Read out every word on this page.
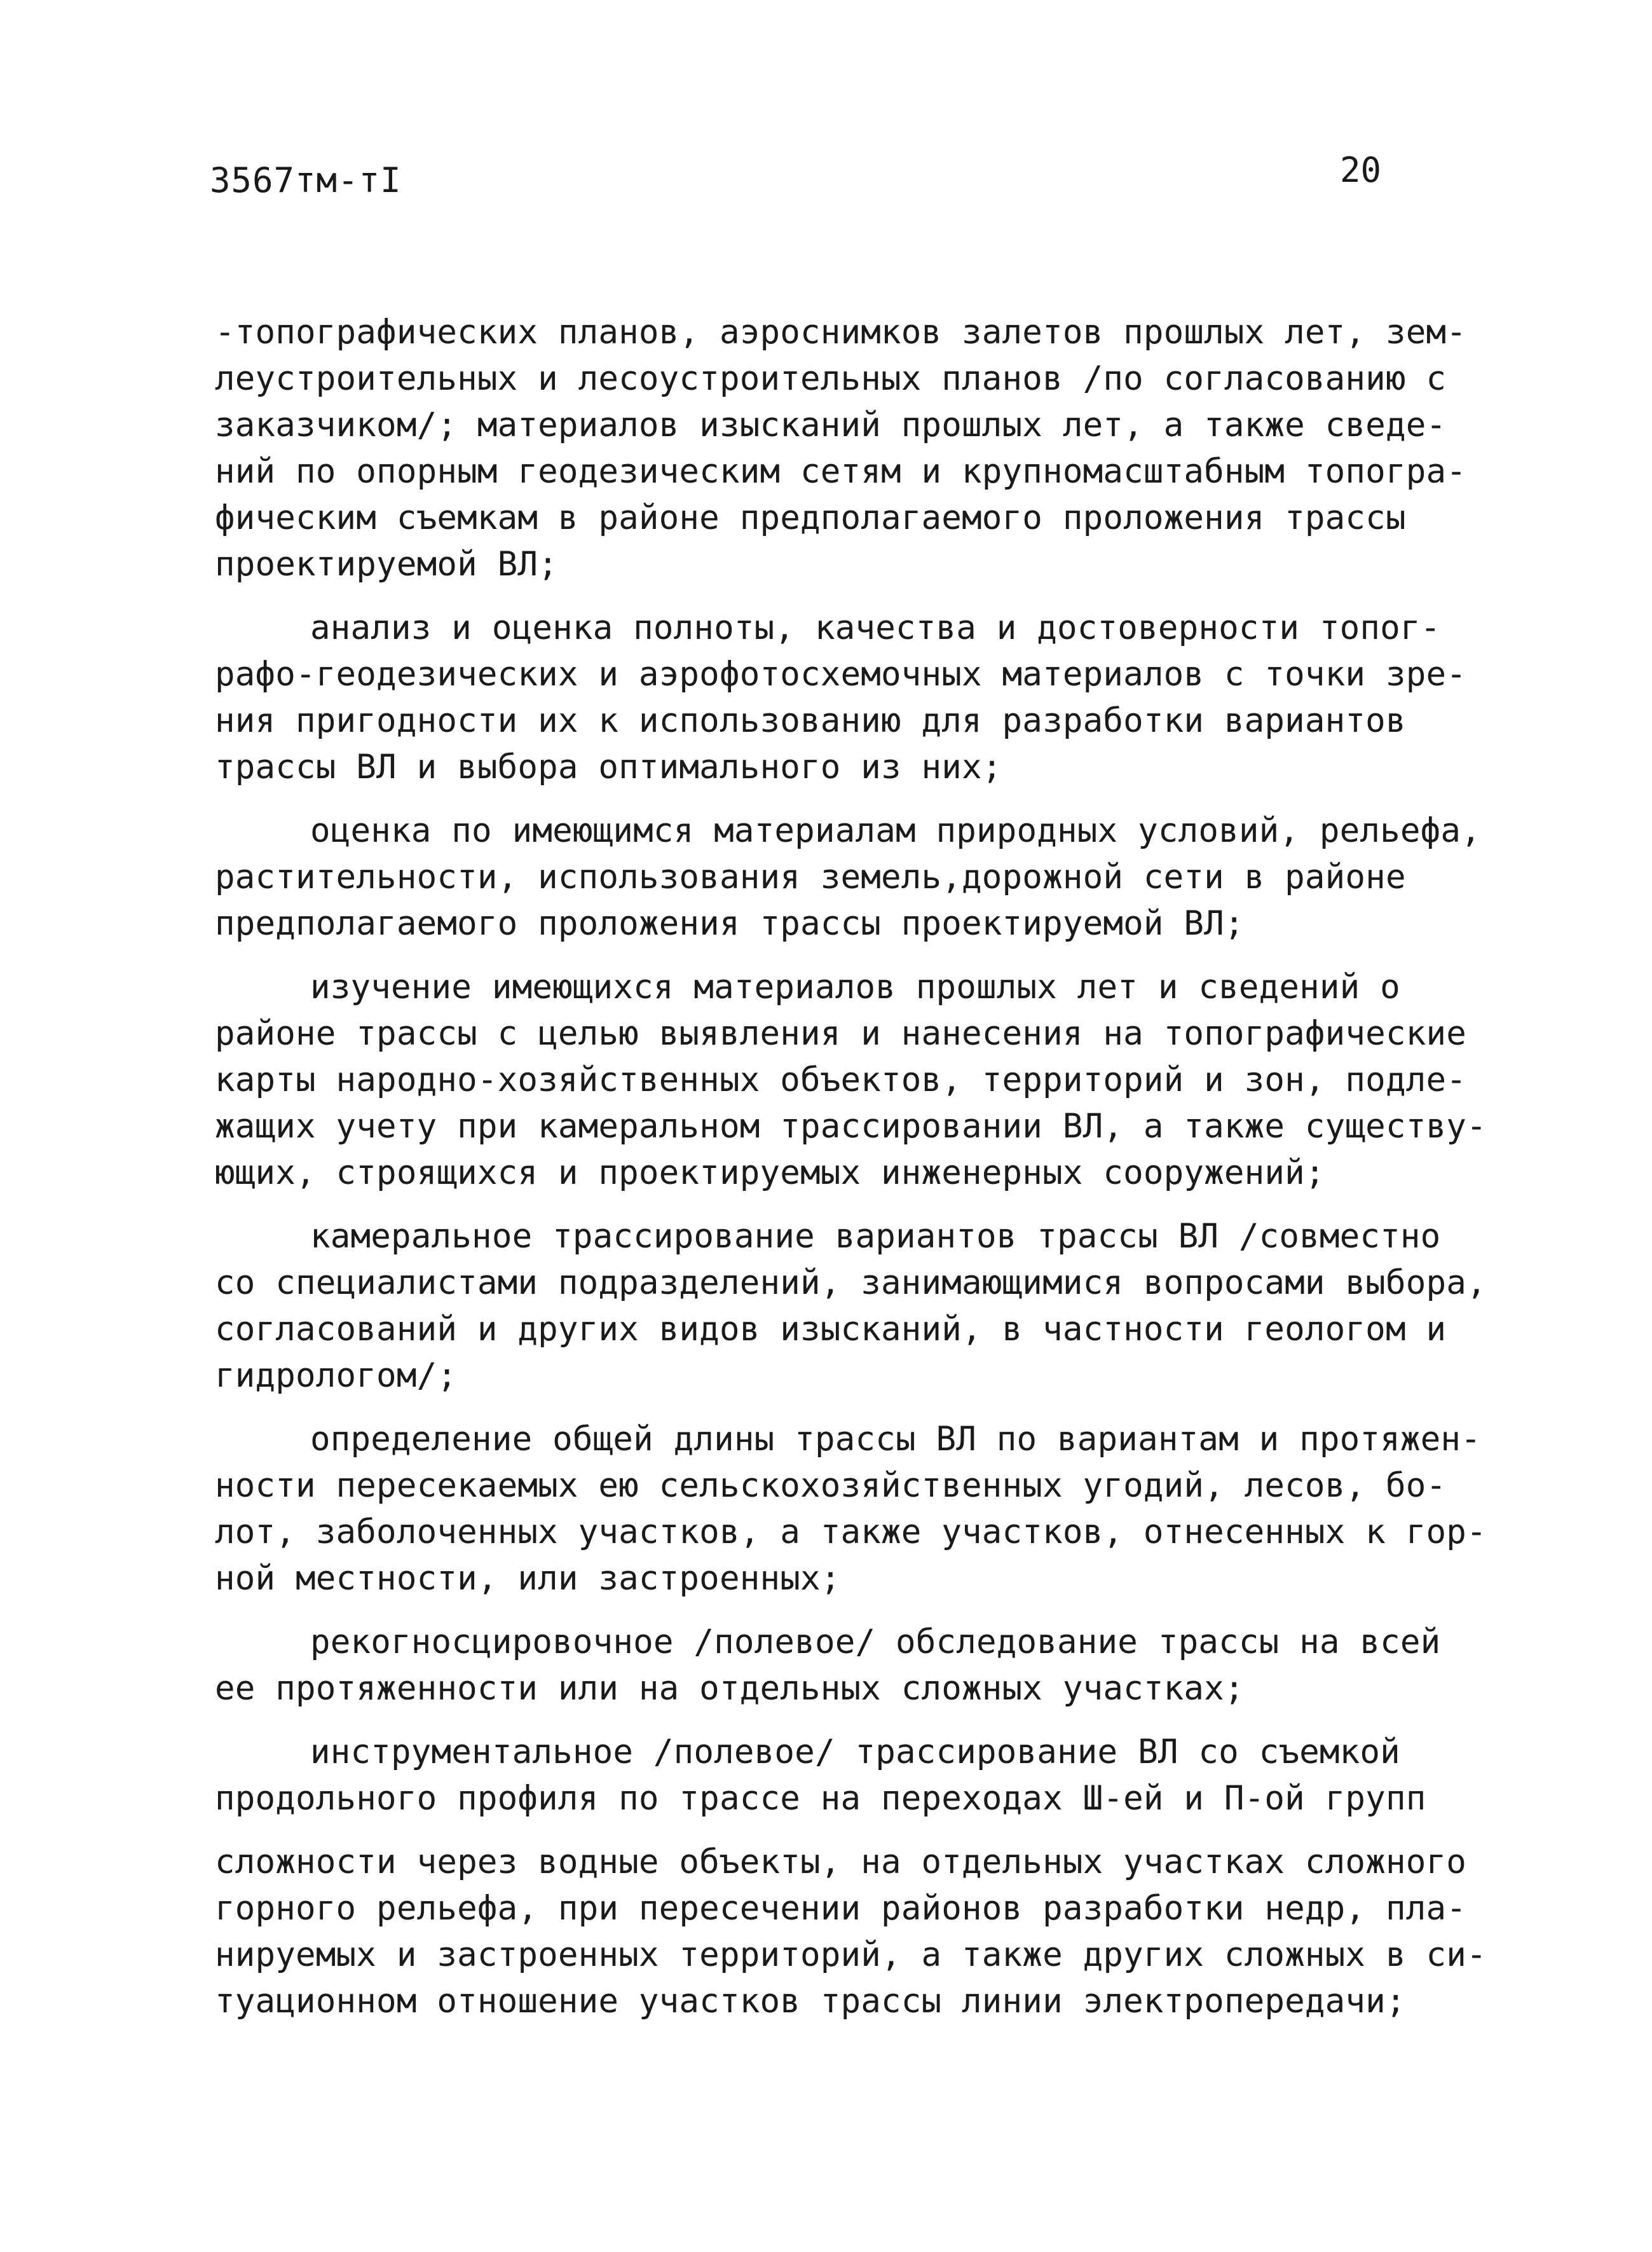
3567тм-тI	20
-топографических планов, аэроснимков залетов прошлых лет, зем-
леустроительных и лесоустроительных планов /по согласованию с
заказчиком/; материалов изысканий прошлых лет, а также сведе-
ний по опорным геодезическим сетям и крупномасштабным топогра-
фическим съемкам в районе предполагаемого проложения трассы
проектируемой ВЛ;
анализ и оценка полноты, качества и достоверности топог-
рафо-геодезических и аэрофотосхемочных материалов с точки зре-
ния пригодности их к использованию для разработки вариантов
трассы ВЛ и выбора оптимального из них;
оценка по имеющимся материалам природных условий, рельефа,
растительности, использования земель,дорожной сети в районе
предполагаемого проложения трассы проектируемой ВЛ;
изучение имеющихся материалов прошлых лет и сведений о
районе трассы с целью выявления и нанесения на топографические
карты народно-хозяйственных объектов, территорий и зон, подле-
жащих учету при камеральном трассировании ВЛ, а также существу-
ющих, строящихся и проектируемых инженерных сооружений;
камеральное трассирование вариантов трассы ВЛ /совместно
со специалистами подразделений, занимающимися вопросами выбора,
согласований и других видов изысканий, в частности геологом и
гидрологом/;
определение общей длины трассы ВЛ по вариантам и протяжен-
ности пересекаемых ею сельскохозяйственных угодий, лесов, бо-
лот, заболоченных участков, а также участков, отнесенных к гор-
ной местности, или застроенных;
рекогносцировочное /полевое/ обследование трассы на всей
ее протяженности или на отдельных сложных участках;
инструментальное /полевое/ трассирование ВЛ со съемкой
продольного профиля по трассе на переходах Ш-ей и П-ой групп
сложности через водные объекты, на отдельных участках сложного
горного рельефа, при пересечении районов разработки недр, пла-
нируемых и застроенных территорий, а также других сложных в си-
туационном отношение участков трассы линии электропередачи;
